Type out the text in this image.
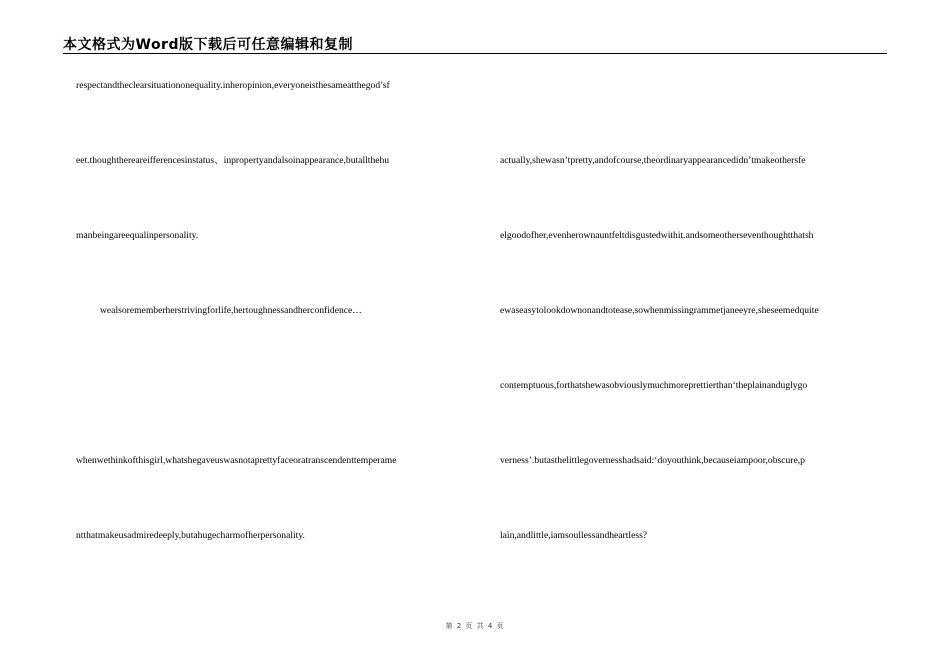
本文格式为Word版下载后可任意编辑和复制
respectandtheclearsituationonequality.inheropinion,everyoneisthesameatthegod’sf
eet.thoughthereareifferencesinstatus、inpropertyandalsoinappearance,butallthehu
manbeingareequalinpersonality.
wealsorememberherstrivingforlife,hertoughnessandherconfidence…
whenwethinkofthisgirl,whatshegaveuswasnotaprettyfaceoratranscendenttemperame
ntthatmakeusadmiredeeply,butahugecharmofherpersonality.
actually,shewasn’tpretty,andofcourse,theordinaryappearancedidn’tmakeothersfe
elgoodofher,evenherownauntfeltdisgustedwithit.andsomeotherseventhoughtthatsh
ewaseasytolookdownonandtotease,sowhenmissingrammetjaneeyre,sheseemedquite
contemptuous,forthatshewasobviouslymuchmoreprettierthan‘theplainanduglygo
verness’.butasthelittlegovernesshadsaid:‘doyouthink,becauseiampoor,obscure,p
lain,andlittle,iamsoullessandheartless?
第 2 页 共 4 页
